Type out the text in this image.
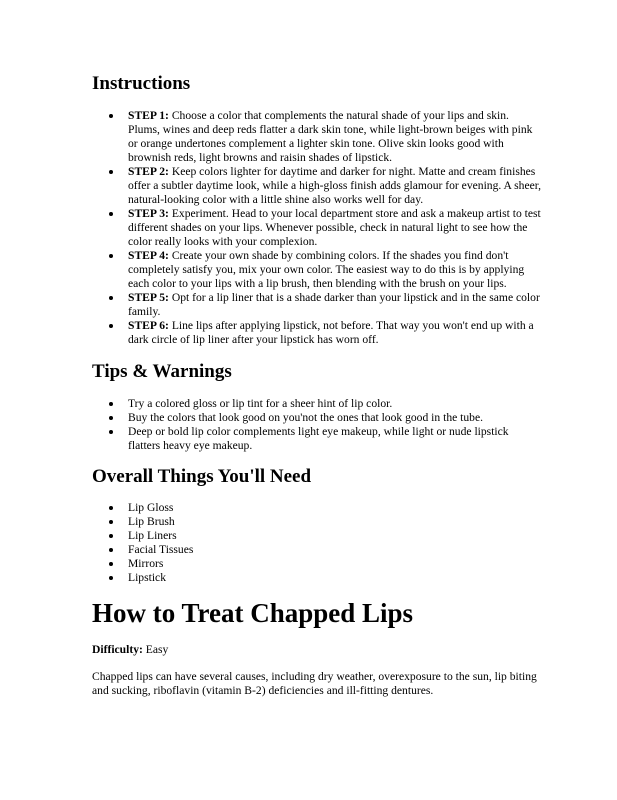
Instructions
STEP 1: Choose a color that complements the natural shade of your lips and skin. Plums, wines and deep reds flatter a dark skin tone, while light-brown beiges with pink or orange undertones complement a lighter skin tone. Olive skin looks good with brownish reds, light browns and raisin shades of lipstick.
STEP 2: Keep colors lighter for daytime and darker for night. Matte and cream finishes offer a subtler daytime look, while a high-gloss finish adds glamour for evening. A sheer, natural-looking color with a little shine also works well for day.
STEP 3: Experiment. Head to your local department store and ask a makeup artist to test different shades on your lips. Whenever possible, check in natural light to see how the color really looks with your complexion.
STEP 4: Create your own shade by combining colors. If the shades you find don't completely satisfy you, mix your own color. The easiest way to do this is by applying each color to your lips with a lip brush, then blending with the brush on your lips.
STEP 5: Opt for a lip liner that is a shade darker than your lipstick and in the same color family.
STEP 6: Line lips after applying lipstick, not before. That way you won't end up with a dark circle of lip liner after your lipstick has worn off.
Tips & Warnings
Try a colored gloss or lip tint for a sheer hint of lip color.
Buy the colors that look good on you'not the ones that look good in the tube.
Deep or bold lip color complements light eye makeup, while light or nude lipstick flatters heavy eye makeup.
Overall Things You'll Need
Lip Gloss
Lip Brush
Lip Liners
Facial Tissues
Mirrors
Lipstick
How to Treat Chapped Lips

Difficulty: Easy

Chapped lips can have several causes, including dry weather, overexposure to the sun, lip biting and sucking, riboflavin (vitamin B-2) deficiencies and ill-fitting dentures.
